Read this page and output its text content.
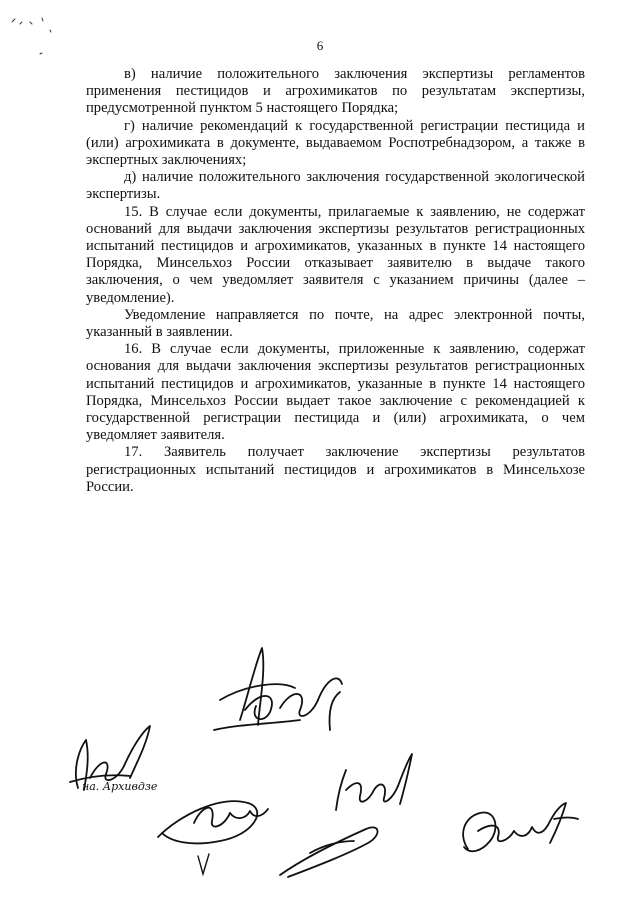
6

в) наличие положительного заключения экспертизы регламентов применения пестицидов и агрохимикатов по результатам экспертизы, предусмотренной пунктом 5 настоящего Порядка;

г) наличие рекомендаций к государственной регистрации пестицида и (или) агрохимиката в документе, выдаваемом Роспотребнадзором, а также в экспертных заключениях;

д) наличие положительного заключения государственной экологической экспертизы.

15. В случае если документы, прилагаемые к заявлению, не содержат оснований для выдачи заключения экспертизы результатов регистрационных испытаний пестицидов и агрохимикатов, указанных в пункте 14 настоящего Порядка, Минсельхоз России отказывает заявителю в выдаче такого заключения, о чем уведомляет заявителя с указанием причины (далее – уведомление).

Уведомление направляется по почте, на адрес электронной почты, указанный в заявлении.

16. В случае если документы, приложенные к заявлению, содержат основания для выдачи заключения экспертизы результатов регистрационных испытаний пестицидов и агрохимикатов, указанные в пункте 14 настоящего Порядка, Минсельхоз России выдает такое заключение с рекомендацией к государственной регистрации пестицида и (или) агрохимиката, о чем уведомляет заявителя.

17. Заявитель получает заключение экспертизы результатов регистрационных испытаний пестицидов и агрохимикатов в Минсельхозе России.

на. Архивдзе
